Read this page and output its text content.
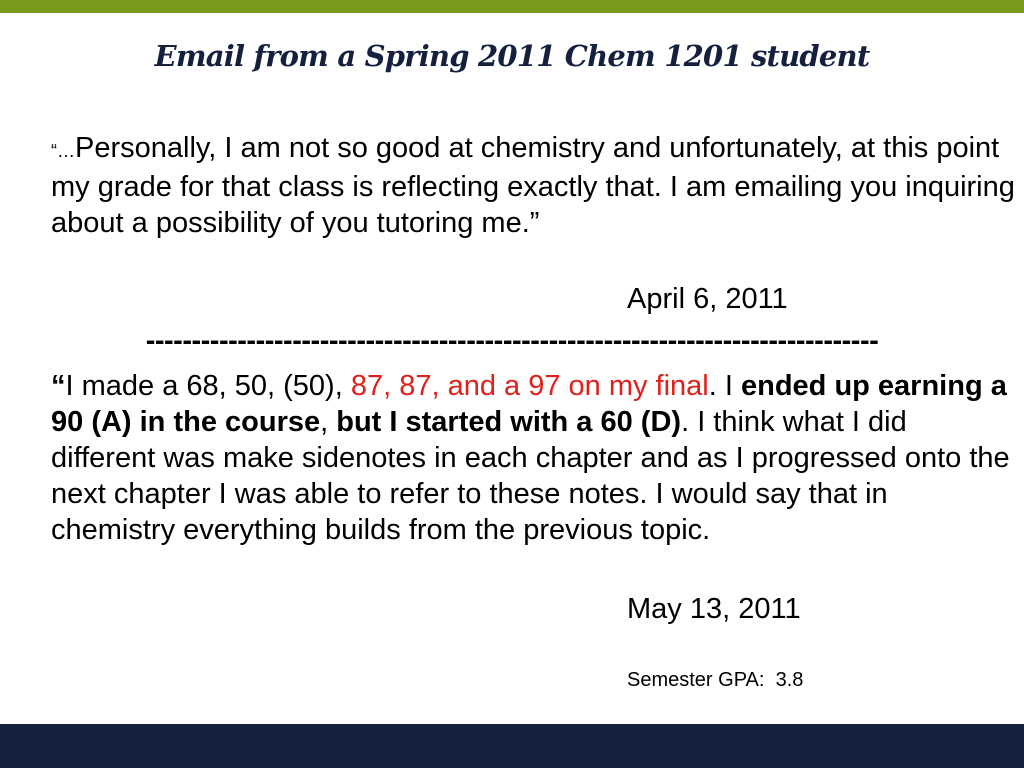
Email from a Spring 2011 Chem 1201 student
“…Personally, I am not so good at chemistry and unfortunately, at this point my grade for that class is reflecting exactly that. I am emailing you inquiring about a possibility of you tutoring me.”
April 6, 2011
--------------------------------------------------------------------------------
“I made a 68, 50, (50), 87, 87, and a 97 on my final. I ended up earning a 90 (A) in the course, but I started with a 60 (D). I think what I did different was make sidenotes in each chapter and as I progressed onto the next chapter I was able to refer to these notes. I would say that in chemistry everything builds from the previous topic.
May 13, 2011
Semester GPA:  3.8
